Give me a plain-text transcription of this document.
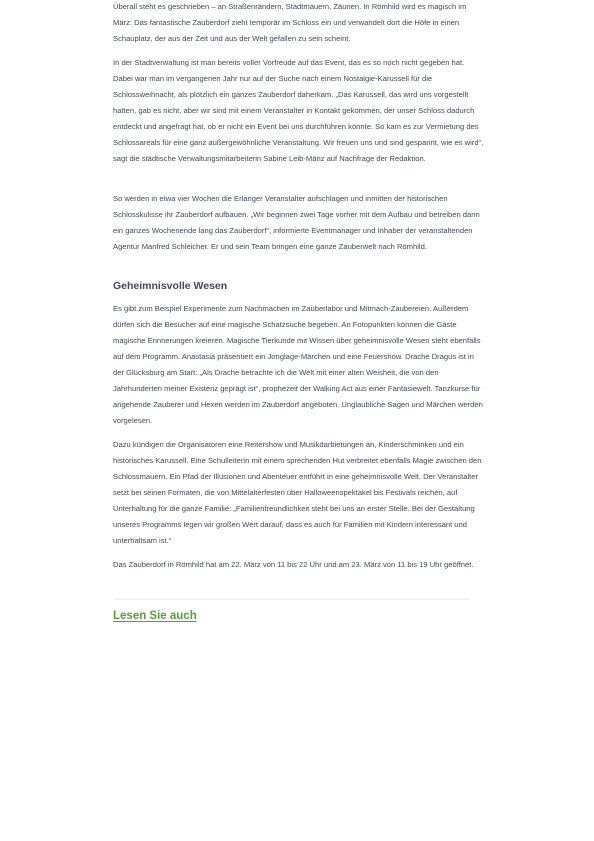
Überall steht es geschrieben – an Straßenrändern, Stadtmauern, Zäunen. In Römhild wird es magisch im März: Das fantastische Zauberdorf zieht temporär im Schloss ein und verwandelt dort die Höfe in einen Schauplatz, der aus der Zeit und aus der Welt gefallen zu sein scheint.

In der Stadtverwaltung ist man bereits voller Vorfreude auf das Event, das es so noch nicht gegeben hat. Dabei war man im vergangenen Jahr nur auf der Suche nach einem Nostalgie-Karussell für die Schlossweihnacht, als plötzlich ein ganzes Zauberdorf daherkam. „Das Karussell, das wird uns vorgestellt hatten, gab es nicht, aber wir sind mit einem Veranstalter in Kontakt gekommen, der unser Schloss dadurch entdeckt und angefragt hat, ob er nicht ein Event bei uns durchführen könnte. So kam es zur Vermietung des Schlossareals für eine ganz außergewöhnliche Veranstaltung. Wir freuen uns und sind gespannt, wie es wird“, sagt die städtische Verwaltungsmitarbeiterin Sabine Leib-Mänz auf Nachfrage der Redaktion.

So werden in etwa vier Wochen die Erlanger Veranstalter aufschlagen und inmitten der historischen Schlosskulisse ihr Zauberdorf aufbauen. „Wir beginnen zwei Tage vorher mit dem Aufbau und betreiben dann ein ganzes Wochenende lang das Zauberdorf“, informierte Eventmanager und Inhaber der veranstaltenden Agentur Manfred Schleicher. Er und sein Team bringen eine ganze Zauberwelt nach Römhild.

Geheimnisvolle Wesen

Es gibt zum Beispiel Experimente zum Nachmachen im Zauberlabor und Mitmach-Zaubereien. Außerdem dürfen sich die Besucher auf eine magische Schatzsuche begeben. An Fotopunkten können die Gäste magische Erinnerungen kreieren. Magische Tierkunde mit Wissen über geheimnisvolle Wesen steht ebenfalls auf dem Programm. Anastasia präsentiert ein Jonglage-Märchen und eine Feuershow. Drache Dragus ist in der Glücksburg am Start: „Als Drache betrachte ich die Welt mit einer alten Weisheit, die von den Jahrhunderten meiner Existenz geprägt ist“, prophezeit der Walking Act aus einer Fantasiewelt. Tanzkurse für angehende Zauberer und Hexen werden im Zauberdorf angeboten. Unglaubliche Sagen und Märchen werden vorgelesen.

Dazu kündigen die Organisatoren eine Reitershow und Musikdarbietungen an, Kinderschminken und ein historisches Karussell. Eine Schulleiterin mit einem sprechenden Hut verbreitet ebenfalls Magie zwischen den Schlossmauern. Ein Pfad der Illusionen und Abenteuer entführt in eine geheimnisvolle Welt. Der Veranstalter setzt bei seinen Formaten, die von Mittelalterfesten über Halloweenspektakel bis Festivals reichen, auf Unterhaltung für die ganze Familie: „Familienfreundlichkeit steht bei uns an erster Stelle. Bei der Gestaltung unseres Programms legen wir großen Wert darauf, dass es auch für Familien mit Kindern interessant und unterhaltsam ist.“

Das Zauberdorf in Römhild hat am 22. März von 11 bis 22 Uhr und am 23. März von 11 bis 19 Uhr geöffnet.

Lesen Sie auch
